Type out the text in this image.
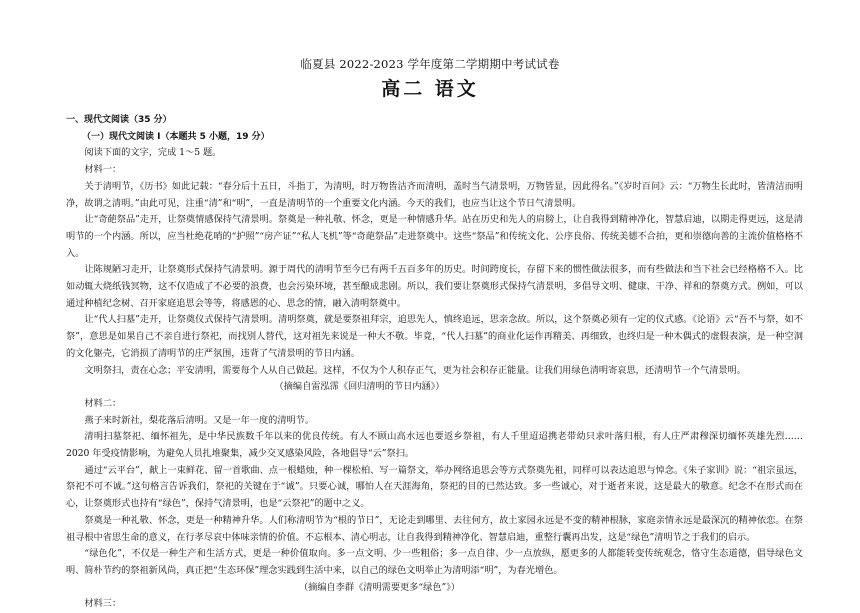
临夏县 2022-2023 学年度第二学期期中考试试卷
高二 语文

一、现代文阅读（35 分）

（一）现代文阅读 I（本题共 5 小题，19 分）

阅读下面的文字，完成 1～5 题。

材料一：

关于清明节，《历书》如此记载：“春分后十五日，斗指丁，为清明，时万物皆洁齐而清明，盖时当气清景明，万物皆显，因此得名。”《岁时百问》云：“万物生长此时，皆清洁而明净，故谓之清明。”由此可见，注重“清”和“明”，一直是清明节的一个重要文化内涵。今天的我们，也应当让这个节日气清景明。

让“奇葩祭品”走开，让祭奠情感保持气清景明。祭奠是一种礼敬、怀念，更是一种情感升华。站在历史和先人的肩膀上，让自我得到精神净化，智慧启迪，以期走得更远，这是清明节的一个内涵。所以，应当杜绝花哨的“护照”“房产证”“私人飞机”等“奇葩祭品”走进祭奠中。这些“祭品”和传统文化、公序良俗、传统美德不合拍，更和崇德向善的主流价值格格不入。

让陈规陋习走开，让祭奠形式保持气清景明。源于周代的清明节至今已有两千五百多年的历史。时间跨度长，存留下来的惯性做法很多，而有些做法和当下社会已经格格不入。比如动辄大烧纸钱冥物，这不仅造成了不必要的浪费，也会污染环境，甚至酿成悲剧。所以，我们要让祭奠形式保持气清景明，多倡导文明、健康、干净、祥和的祭奠方式。例如，可以通过种植纪念树、召开家庭追思会等等，将感恩的心、思念的情，融入清明祭奠中。

让“代人扫墓”走开，让祭奠仪式保持气清景明。清明祭奠，就是要祭祖拜宗，追思先人，慎终追远，思亲念故。所以，这个祭奠必须有一定的仪式感。《论语》云“吾不与祭，如不祭”，意思是如果自己不亲自进行祭祀，而找别人替代，这对祖先来说是一种大不敬。毕竟，“代人扫墓”的商业化运作再精美、再细致，也终归是一种木偶式的虚假表演，是一种空洞的文化躯壳，它消损了清明节的庄严氛围，违背了气清景明的节日内涵。

文明祭扫，责在心念；平安清明，需要每个人从自己做起。这样，不仅为个人积存正气，更为社会积存正能量。让我们用绿色清明寄哀思，还清明节一个气清景明。

（摘编自雷泓霈《回归清明的节日内涵》）

材料二：

燕子来时新社，梨花落后清明。又是一年一度的清明节。

清明扫墓祭祀、缅怀祖先，是中华民族数千年以来的优良传统。有人不顾山高水远也要返乡祭祖，有人千里迢迢携老带幼只求叶落归根，有人庄严肃穆深切缅怀英雄先烈……2020 年受疫情影响，为避免人员扎堆聚集，减少交叉感染风险，各地倡导“云”祭扫。

通过“云平台”，献上一束鲜花、留一首歌曲、点一根蜡烛，种一棵松柏、写一篇祭文，举办网络追思会等方式祭奠先祖，同样可以表达追思与悼念。《朱子家训》说：“祖宗虽远，祭祀不可不诚。”这句格言告诉我们，祭祀的关键在于“诚”。只要心诚，哪怕人在天涯海角，祭祀的目的已然达致。多一些诚心，对于逝者来说，这是最大的敬意。纪念不在形式而在心，让祭奠形式也持有“绿色”，保持气清景明，也是“云祭祀”的题中之义。

祭奠是一种礼敬、怀念，更是一种精神升华。人们称清明节为“根的节日”，无论走到哪里、去往何方，故土家园永远是不变的精神根脉，家庭亲情永远是最深沉的精神依恋。在祭祖寻根中省思生命的意义，在行孝尽哀中体味亲情的价值。不忘根本、清心明志，让自我得到精神净化、智慧启迪，重整行囊再出发，这是“绿色”清明节之于我们的启示。

“绿色化”，不仅是一种生产和生活方式，更是一种价值取向。多一点文明、少一些粗俗；多一点自律、少一点放纵，愿更多的人都能转变传统观念，恪守生态道德，倡导绿色文明、简朴节约的祭祖新风尚，真正把“生态环保”理念实践到生活中来，以自己的绿色文明举止为清明添“明”，为春光增色。

（摘编自李群《清明需要更多“绿色”》）

材料三：
